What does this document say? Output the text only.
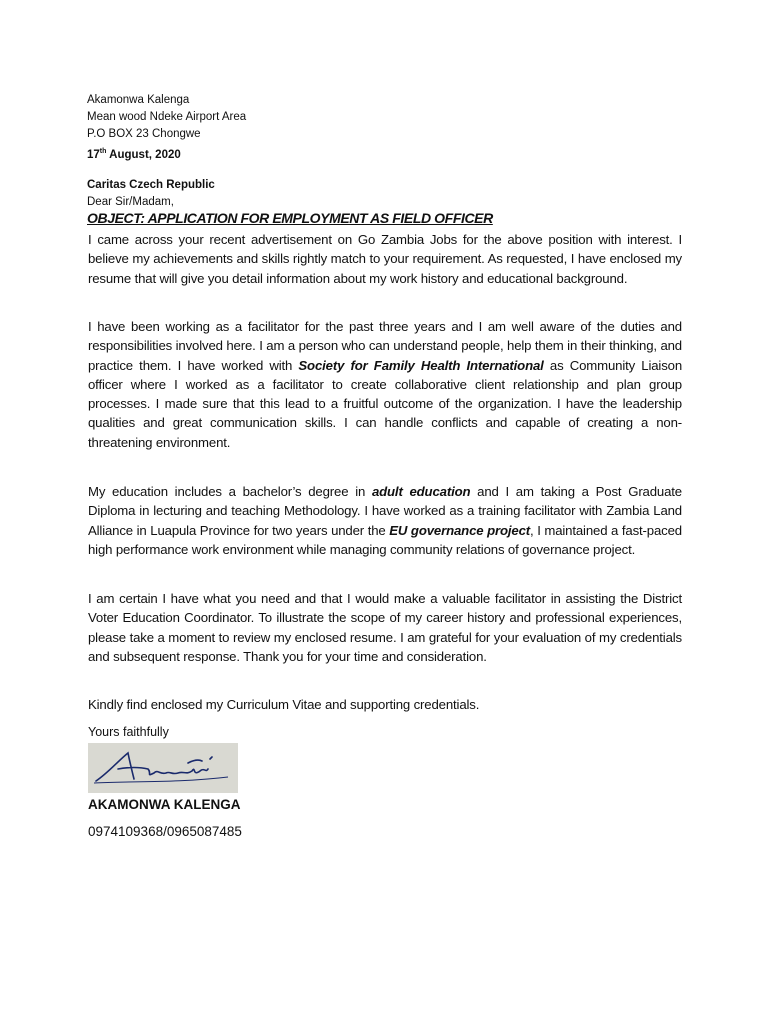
Akamonwa Kalenga
Mean wood Ndeke Airport Area
P.O BOX 23 Chongwe
17th August, 2020
Caritas Czech Republic
Dear Sir/Madam,
OBJECT: APPLICATION FOR EMPLOYMENT AS FIELD OFFICER
I came across your recent advertisement on Go Zambia Jobs for the above position with interest. I believe my achievements and skills rightly match to your requirement. As requested, I have enclosed my resume that will give you detail information about my work history and educational background.
I have been working as a facilitator for the past three years and I am well aware of the duties and responsibilities involved here. I am a person who can understand people, help them in their thinking, and practice them. I have worked with Society for Family Health International as Community Liaison officer where I worked as a facilitator to create collaborative client relationship and plan group processes. I made sure that this lead to a fruitful outcome of the organization. I have the leadership qualities and great communication skills. I can handle conflicts and capable of creating a non-threatening environment.
My education includes a bachelor’s degree in adult education and I am taking a Post Graduate Diploma in lecturing and teaching Methodology. I have worked as a training facilitator with Zambia Land Alliance in Luapula Province for two years under the EU governance project, I maintained a fast-paced high performance work environment while managing community relations of governance project.
I am certain I have what you need and that I would make a valuable facilitator in assisting the District Voter Education Coordinator. To illustrate the scope of my career history and professional experiences, please take a moment to review my enclosed resume. I am grateful for your evaluation of my credentials and subsequent response. Thank you for your time and consideration.
Kindly find enclosed my Curriculum Vitae and supporting credentials.
Yours faithfully
AKAMONWA KALENGA
0974109368/0965087485
